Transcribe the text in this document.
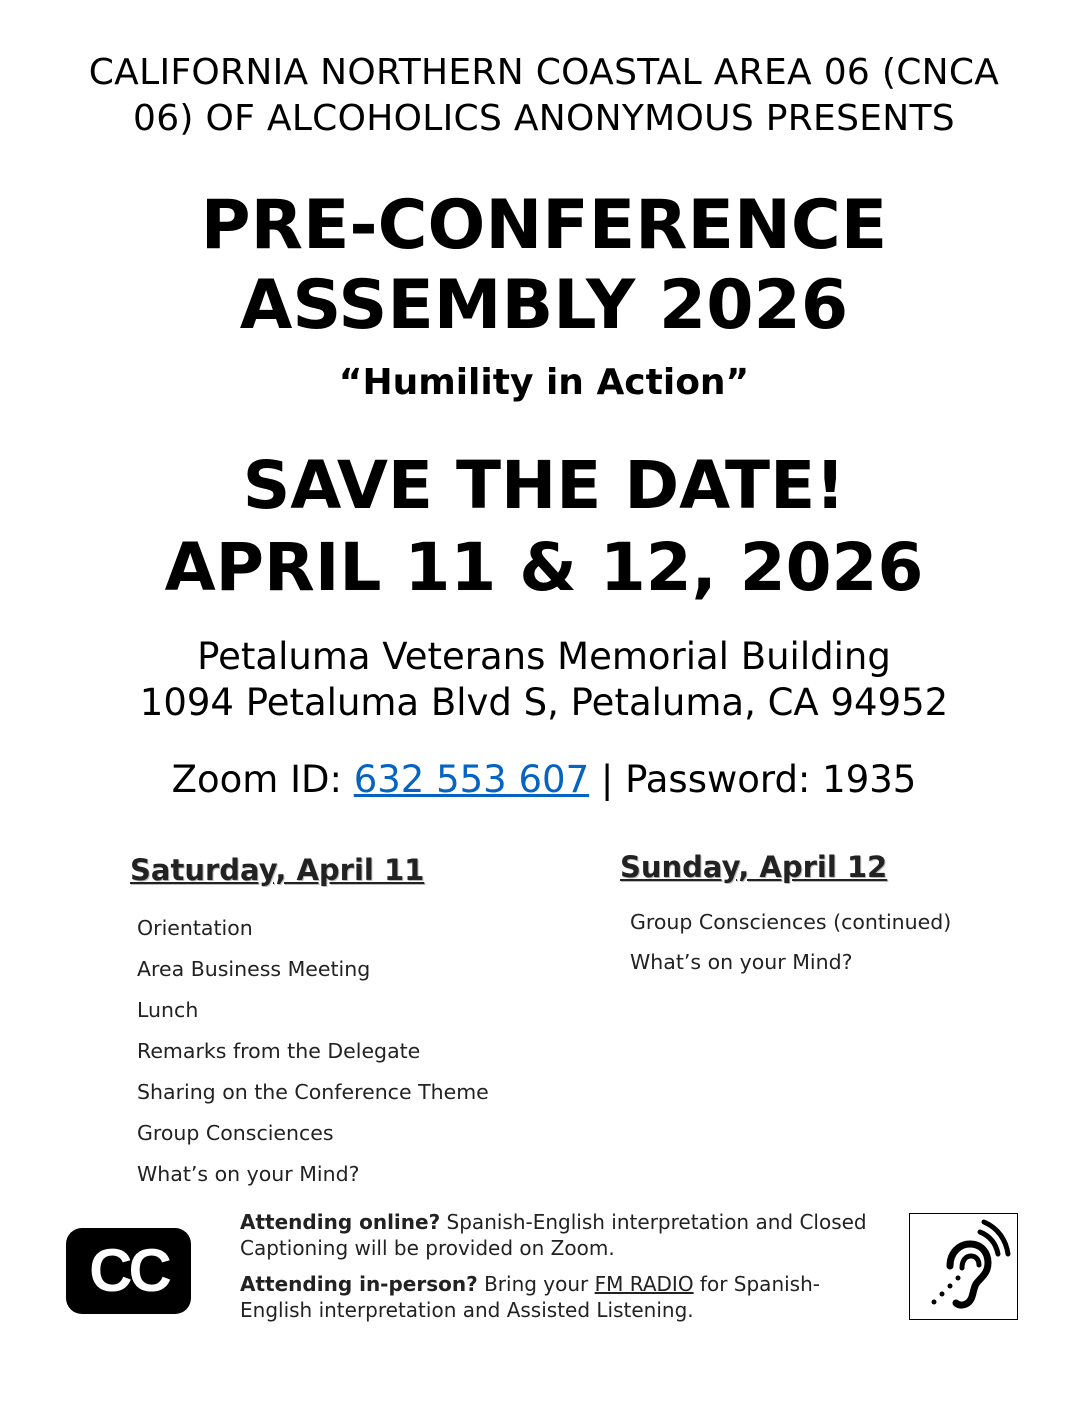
CALIFORNIA NORTHERN COASTAL AREA 06 (CNCA
06) OF ALCOHOLICS ANONYMOUS PRESENTS
PRE-CONFERENCE
ASSEMBLY 2026
“Humility in Action”
SAVE THE DATE!
APRIL 11 & 12, 2026
Petaluma Veterans Memorial Building
1094 Petaluma Blvd S, Petaluma, CA 94952
Zoom ID: 632 553 607 | Password: 1935
Saturday, April 11
Orientation
Area Business Meeting
Lunch
Remarks from the Delegate
Sharing on the Conference Theme
Group Consciences
What’s on your Mind?
Sunday, April 12
Group Consciences (continued)
What’s on your Mind?
CC

Attending online? Spanish-English interpretation and Closed Captioning will be provided on Zoom.

Attending in-person? Bring your FM RADIO for Spanish-English interpretation and Assisted Listening.
